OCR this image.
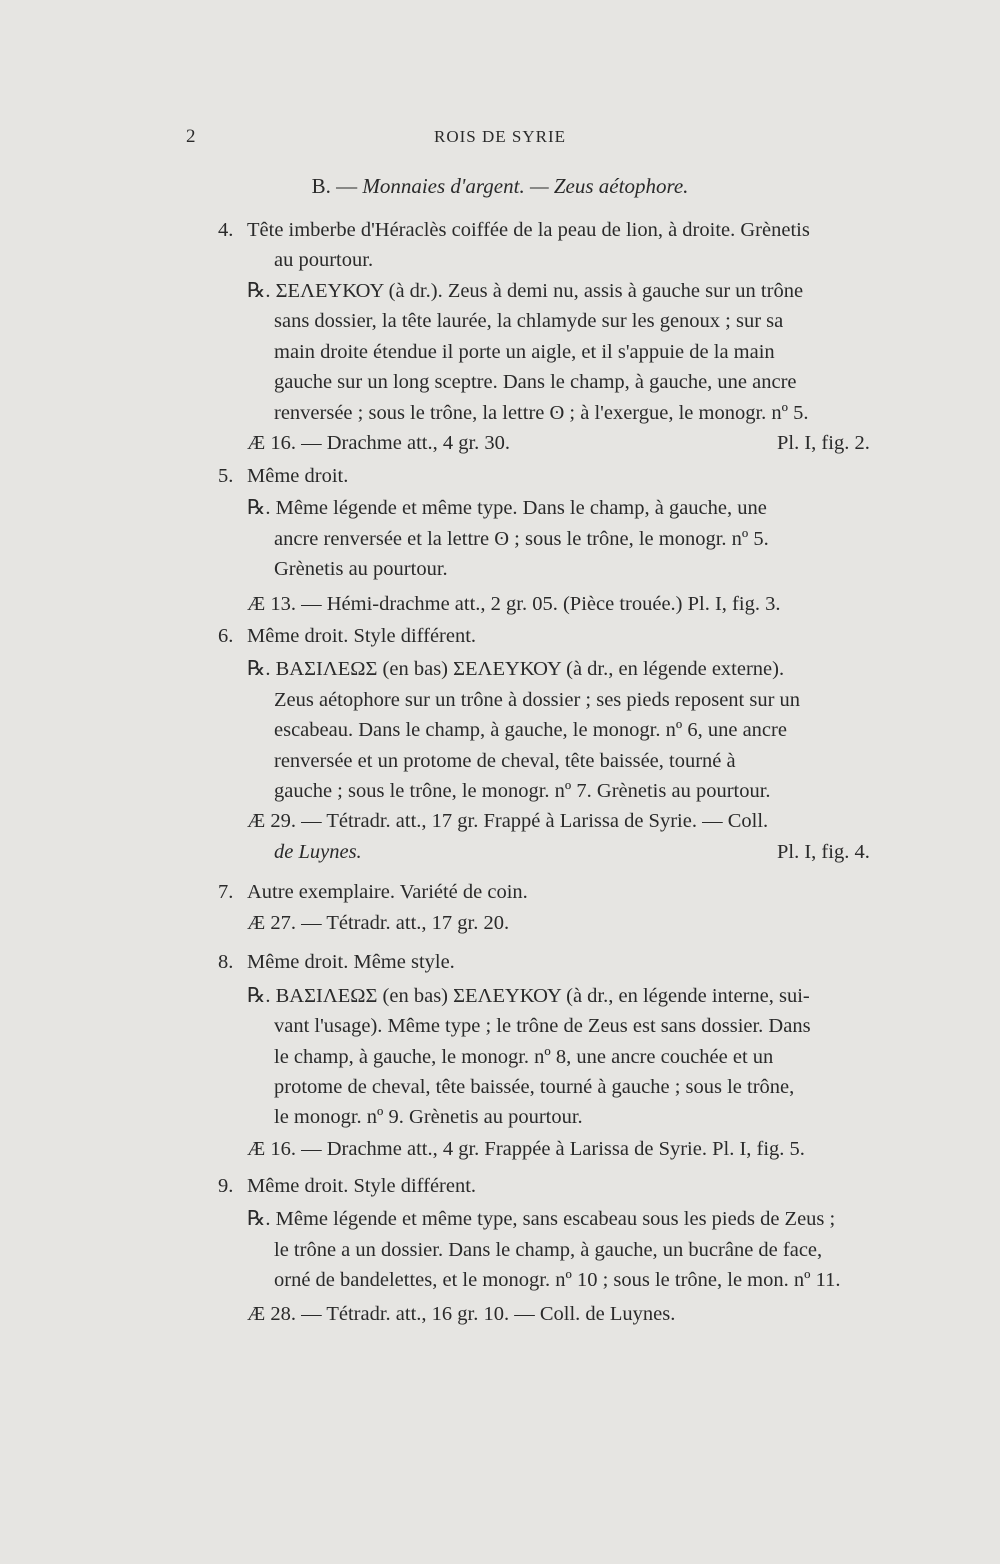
2	ROIS DE SYRIE
B. — Monnaies d'argent. — Zeus aétophore.
4. Tête imberbe d'Héraclès coiffée de la peau de lion, à droite. Grènetis
au pourtour.
℞. ΣΕΛΕΥΚΟΥ (à dr.). Zeus à demi nu, assis à gauche sur un trône
sans dossier, la tête laurée, la chlamyde sur les genoux ; sur sa
main droite étendue il porte un aigle, et il s'appuie de la main
gauche sur un long sceptre. Dans le champ, à gauche, une ancre
renversée ; sous le trône, la lettre ʘ ; à l'exergue, le monogr. nº 5.
Æ 16. — Drachme att., 4 gr. 30.	Pl. I, fig. 2.
5. Même droit.
℞. Même légende et même type. Dans le champ, à gauche, une
ancre renversée et la lettre ʘ ; sous le trône, le monogr. nº 5.
Grènetis au pourtour.
Æ 13. — Hémi-drachme att., 2 gr. 05. (Pièce trouée.) Pl. I, fig. 3.
6. Même droit. Style différent.
℞. ΒΑΣΙΛΕΩΣ (en bas) ΣΕΛΕΥΚΟΥ (à dr., en légende externe).
Zeus aétophore sur un trône à dossier ; ses pieds reposent sur un
escabeau. Dans le champ, à gauche, le monogr. nº 6, une ancre
renversée et un protome de cheval, tête baissée, tourné à
gauche ; sous le trône, le monogr. nº 7. Grènetis au pourtour.
Æ 29. — Tétradr. att., 17 gr. Frappé à Larissa de Syrie. — Coll.
de Luynes.	Pl. I, fig. 4.
7. Autre exemplaire. Variété de coin.
Æ 27. — Tétradr. att., 17 gr. 20.
8. Même droit. Même style.
℞. ΒΑΣΙΛΕΩΣ (en bas) ΣΕΛΕΥΚΟΥ (à dr., en légende interne, sui-
vant l'usage). Même type ; le trône de Zeus est sans dossier. Dans
le champ, à gauche, le monogr. nº 8, une ancre couchée et un
protome de cheval, tête baissée, tourné à gauche ; sous le trône,
le monogr. nº 9. Grènetis au pourtour.
Æ 16. — Drachme att., 4 gr. Frappée à Larissa de Syrie. Pl. I, fig. 5.
9. Même droit. Style différent.
℞. Même légende et même type, sans escabeau sous les pieds de Zeus ;
le trône a un dossier. Dans le champ, à gauche, un bucrâne de face,
orné de bandelettes, et le monogr. nº 10 ; sous le trône, le mon. nº 11.
Æ 28. — Tétradr. att., 16 gr. 10. — Coll. de Luynes.
